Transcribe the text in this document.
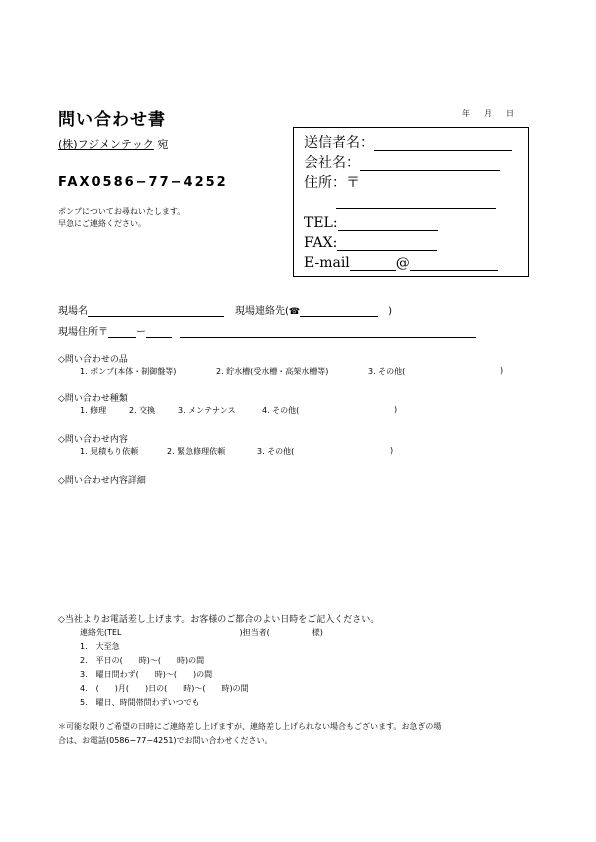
問い合わせ書	年 月 日
(株)フジメンテック 宛
FAX0586−77−4252
ポンプについてお尋ねいたします。
早急にご連絡ください。
送信者名：
会社名：
住所：〒
TEL:
FAX:
E-mail	@
現場名	現場連絡先(☎	)
現場住所〒	ー
◇問い合わせの品
1. ポンプ(本体・制御盤等)	2. 貯水槽(受水槽・高架水槽等)	3. その他(	)
◇問い合わせ種類
1. 修理	2. 交換	3. メンテナンス	4. その他(	)
◇問い合わせ内容
1. 見積もり依頼	2. 緊急修理依頼	3. その他(	)
◇問い合わせ内容詳細
◇当社よりお電話差し上げます。お客様のご都合のよい日時をご記入ください。
連絡先(TEL	)担当者(	様)
1.　大至急
2.　平日の(　　時)〜(　　時)の間
3.　曜日問わず(　　時)〜(　　)の間
4.　(　　)月(　　)日の(　　時)〜(　　時)の間
5.　曜日、時間帯問わずいつでも
＊可能な限りご希望の日時にご連絡差し上げますが、連絡差し上げられない場合もございます。お急ぎの場
合は、お電話(0586−77−4251)でお問い合わせください。
